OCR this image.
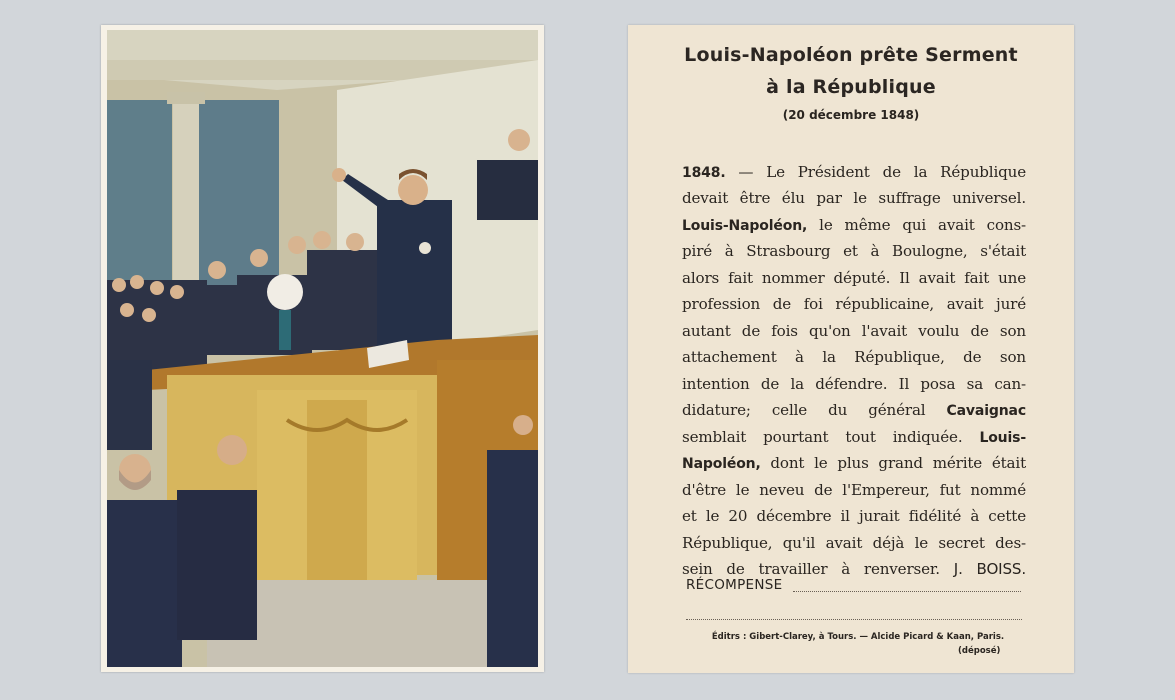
Louis-Napoléon prête Serment
à la République
(20 décembre 1848)
1848. — Le Président de la République
devait être élu par le suffrage universel.
Louis-Napoléon, le même qui avait cons-
piré à Strasbourg et à Boulogne, s'était
alors fait nommer député. Il avait fait une
profession de foi républicaine, avait juré
autant de fois qu'on l'avait voulu de son
attachement à la République, de son
intention de la défendre. Il posa sa can-
didature; celle du général Cavaignac
semblait pourtant tout indiquée. Louis-
Napoléon, dont le plus grand mérite était
d'être le neveu de l'Empereur, fut nommé
et le 20 décembre il jurait fidélité à cette
République, qu'il avait déjà le secret des-
sein de travailler à renverser. J. BOISS.
RÉCOMPENSE
Éditrs : Gibert-Clarey, à Tours. — Alcide Picard & Kaan, Paris.
(déposé)
